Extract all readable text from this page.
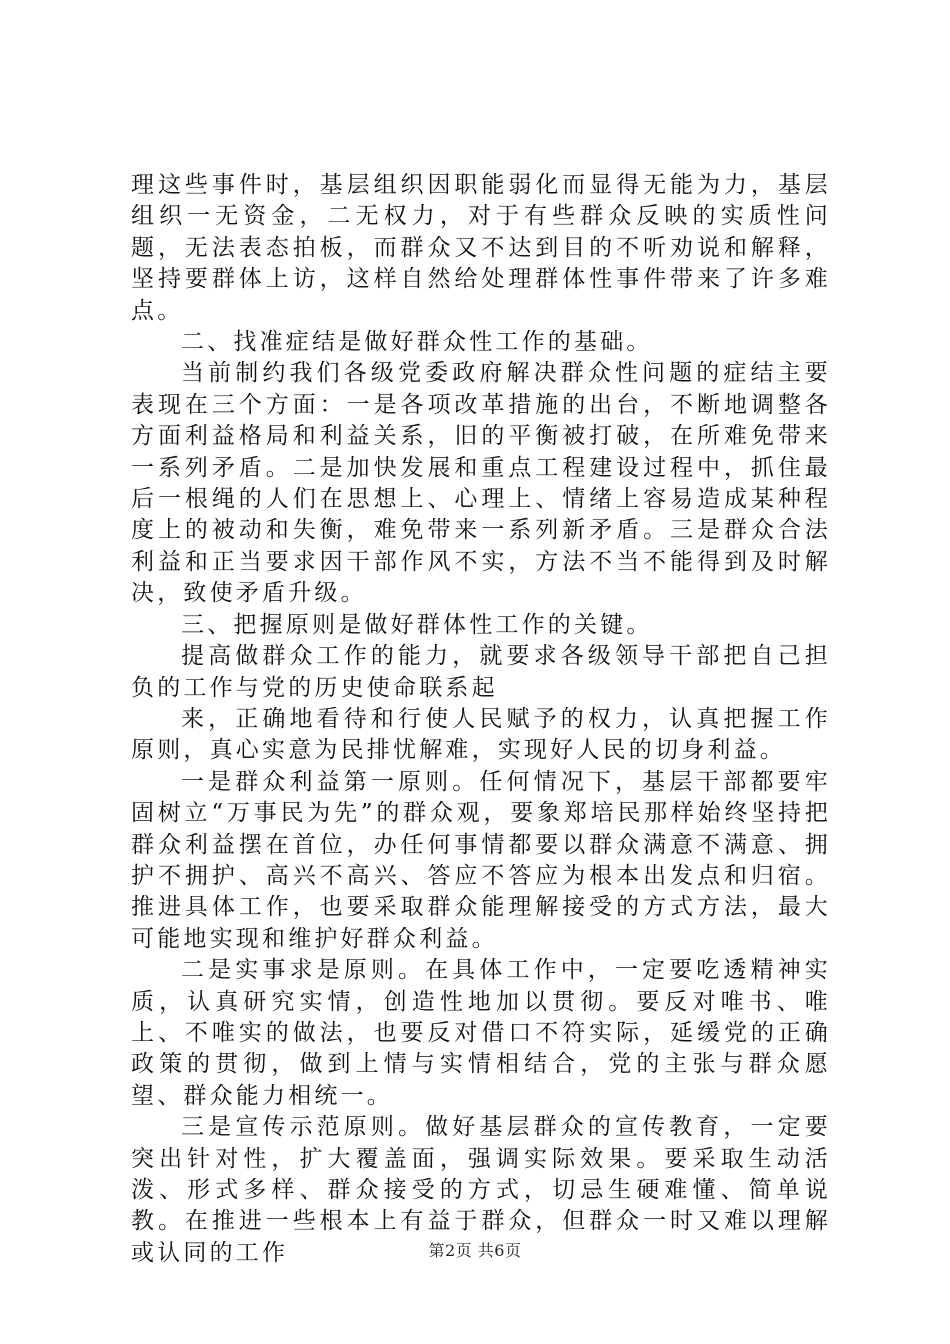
理这些事件时，基层组织因职能弱化而显得无能为力，基层组织一无资金，二无权力，对于有些群众反映的实质性问题，无法表态拍板，而群众又不达到目的不听劝说和解释，坚持要群体上访，这样自然给处理群体性事件带来了许多难点。

二、找准症结是做好群众性工作的基础。

当前制约我们各级党委政府解决群众性问题的症结主要表现在三个方面：一是各项改革措施的出台，不断地调整各方面利益格局和利益关系，旧的平衡被打破，在所难免带来一系列矛盾。二是加快发展和重点工程建设过程中，抓住最后一根绳的人们在思想上、心理上、情绪上容易造成某种程度上的被动和失衡，难免带来一系列新矛盾。三是群众合法利益和正当要求因干部作风不实，方法不当不能得到及时解决，致使矛盾升级。

三、把握原则是做好群体性工作的关键。

提高做群众工作的能力，就要求各级领导干部把自己担负的工作与党的历史使命联系起

来，正确地看待和行使人民赋予的权力，认真把握工作原则，真心实意为民排忧解难，实现好人民的切身利益。

一是群众利益第一原则。任何情况下，基层干部都要牢固树立“万事民为先”的群众观，要象郑培民那样始终坚持把群众利益摆在首位，办任何事情都要以群众满意不满意、拥护不拥护、高兴不高兴、答应不答应为根本出发点和归宿。推进具体工作，也要采取群众能理解接受的方式方法，最大可能地实现和维护好群众利益。

二是实事求是原则。在具体工作中，一定要吃透精神实质，认真研究实情，创造性地加以贯彻。要反对唯书、唯上、不唯实的做法，也要反对借口不符实际，延缓党的正确政策的贯彻，做到上情与实情相结合，党的主张与群众愿望、群众能力相统一。

三是宣传示范原则。做好基层群众的宣传教育，一定要突出针对性，扩大覆盖面，强调实际效果。要采取生动活泼、形式多样、群众接受的方式，切忌生硬难懂、简单说教。在推进一些根本上有益于群众，但群众一时又难以理解或认同的工作	第2页 共6页
